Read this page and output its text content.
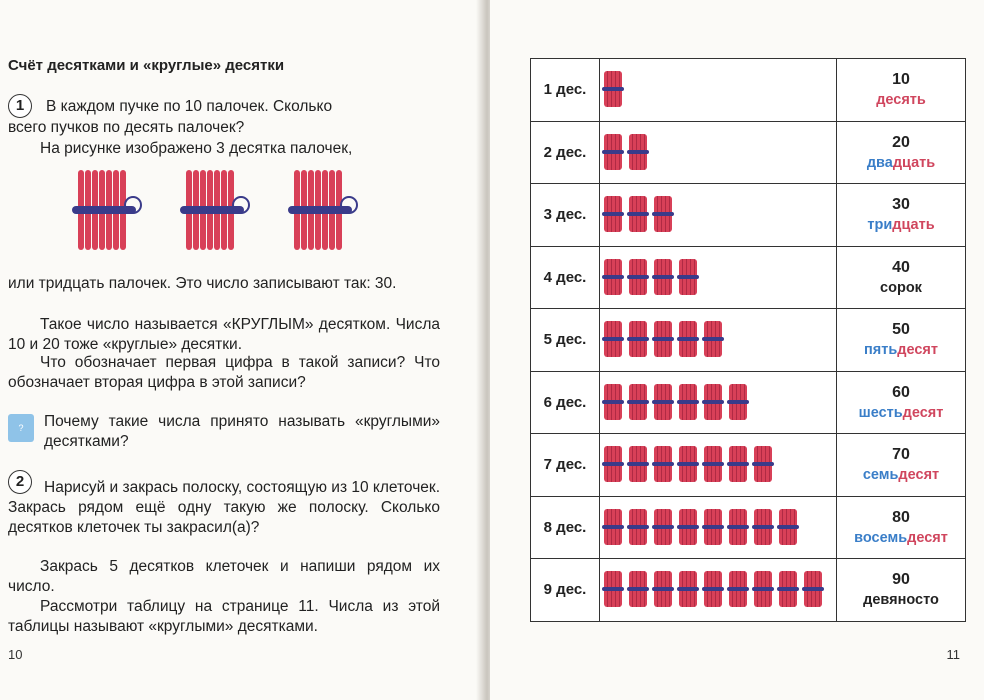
Счёт десятками и «круглые» десятки
1	В каждом пучке по 10 палочек. Сколько
всего пучков по десять палочек?
На рисунке изображено 3 десятка палочек,
или тридцать палочек. Это число записывают так: 30.
Такое число называется «КРУГЛЫМ» десятком. Числа 10 и 20 тоже «круглые» десятки.
Что обозначает первая цифра в такой записи? Что обозначает вторая цифра в этой записи?
?	Почему такие числа принято называть «круглыми» десятками?
2	Нарисуй и закрась полоску, состоящую из 10 клеточек. Закрась рядом ещё одну такую же полоску. Сколько десятков клеточек ты закрасил(а)?
Закрась 5 десятков клеточек и напиши рядом их число.
Рассмотри таблицу на странице 11. Числа из этой таблицы называют «круглыми» десятками.
10
1 дес.		10
десять

2 дес.		20
двадцать

3 дес.		30
тридцать

4 дес.		40
сорок

5 дес.		50
пятьдесят

6 дес.		60
шестьдесят

7 дес.		70
семьдесят

8 дес.		80
восемьдесят

9 дес.		90
девяносто
11
